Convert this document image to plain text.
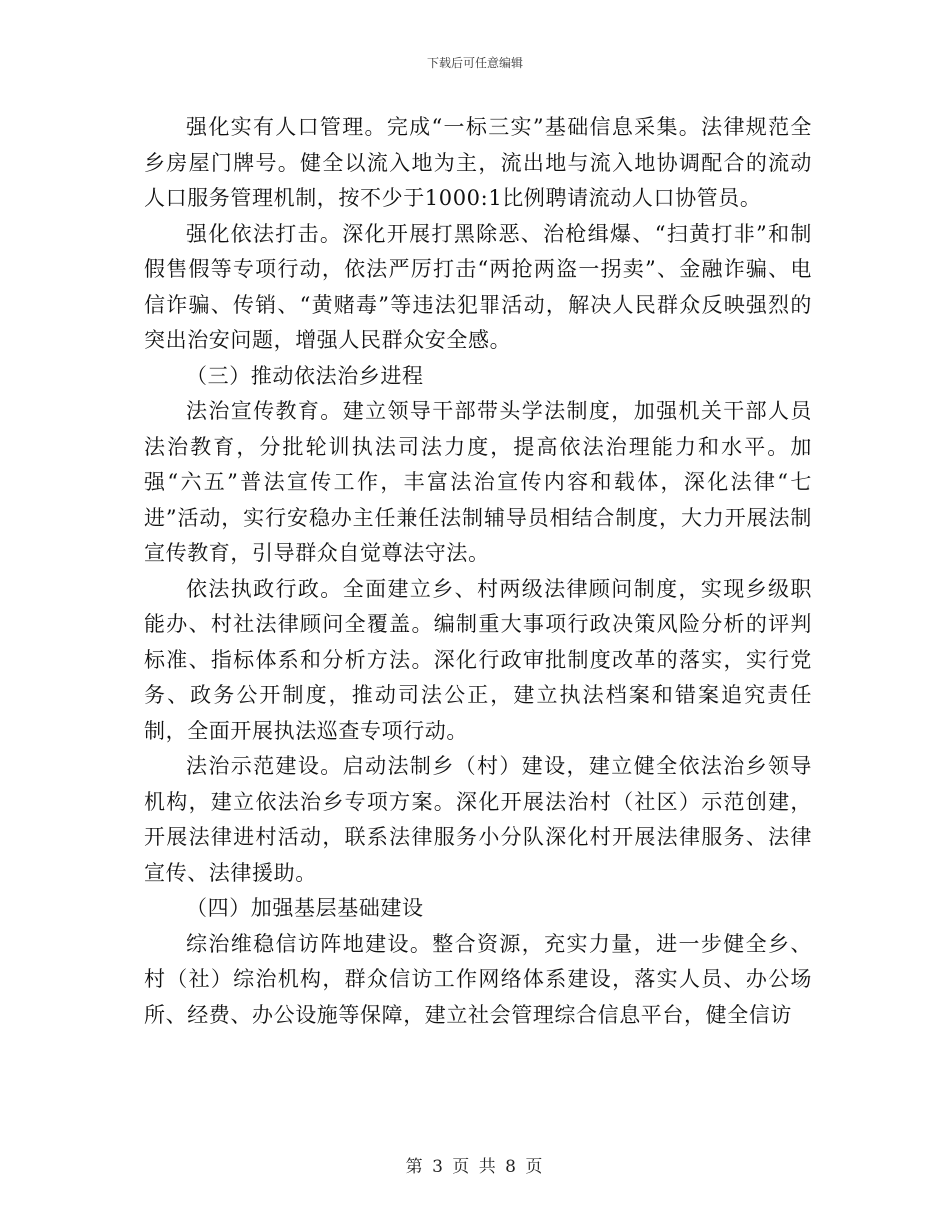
下载后可任意编辑

强化实有人口管理。完成“一标三实”基础信息采集。法律规范全乡房屋门牌号。健全以流入地为主，流出地与流入地协调配合的流动人口服务管理机制，按不少于1000:1比例聘请流动人口协管员。

强化依法打击。深化开展打黑除恶、治枪缉爆、“扫黄打非”和制假售假等专项行动，依法严厉打击“两抢两盗一拐卖”、金融诈骗、电信诈骗、传销、“黄赌毒”等违法犯罪活动，解决人民群众反映强烈的突出治安问题，增强人民群众安全感。

（三）推动依法治乡进程

法治宣传教育。建立领导干部带头学法制度，加强机关干部人员法治教育，分批轮训执法司法力度，提高依法治理能力和水平。加强“六五”普法宣传工作，丰富法治宣传内容和载体，深化法律“七进”活动，实行安稳办主任兼任法制辅导员相结合制度，大力开展法制宣传教育，引导群众自觉尊法守法。

依法执政行政。全面建立乡、村两级法律顾问制度，实现乡级职能办、村社法律顾问全覆盖。编制重大事项行政决策风险分析的评判标准、指标体系和分析方法。深化行政审批制度改革的落实，实行党务、政务公开制度，推动司法公正，建立执法档案和错案追究责任制，全面开展执法巡查专项行动。

法治示范建设。启动法制乡（村）建设，建立健全依法治乡领导机构，建立依法治乡专项方案。深化开展法治村（社区）示范创建，开展法律进村活动，联系法律服务小分队深化村开展法律服务、法律宣传、法律援助。

（四）加强基层基础建设

综治维稳信访阵地建设。整合资源，充实力量，进一步健全乡、村（社）综治机构，群众信访工作网络体系建设，落实人员、办公场所、经费、办公设施等保障，建立社会管理综合信息平台，健全信访

第 3 页 共 8 页
